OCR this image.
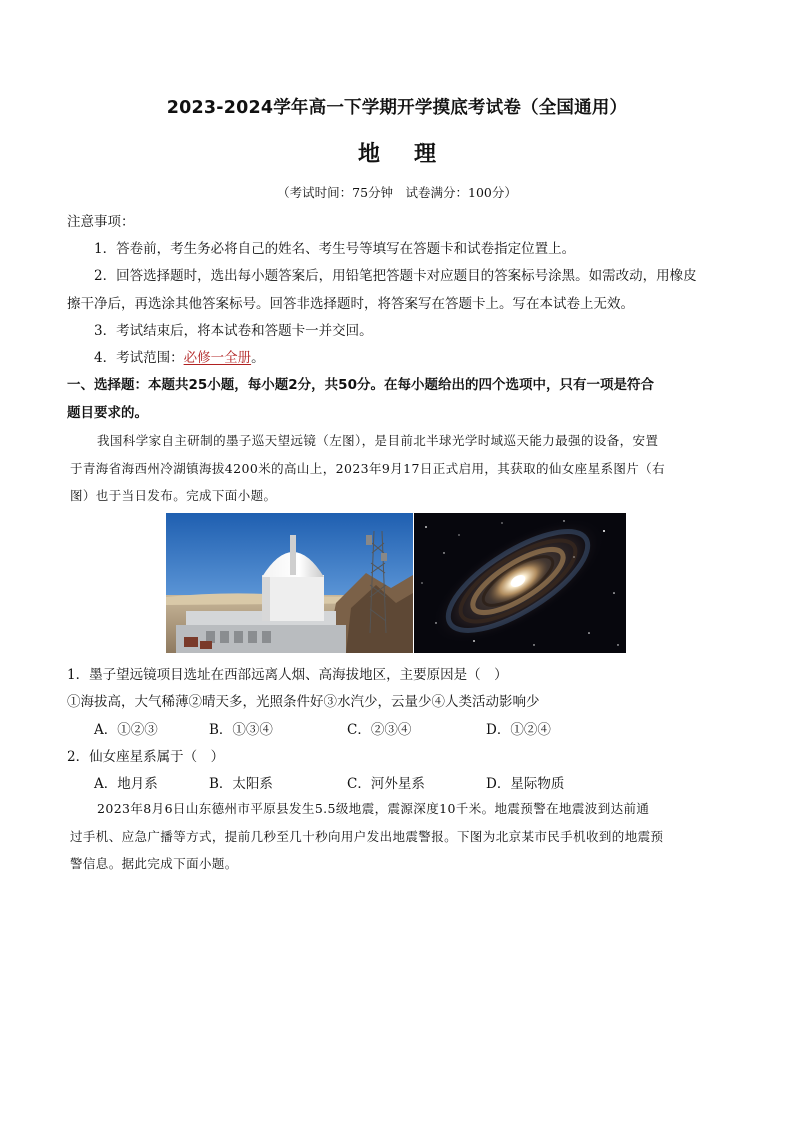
2023-2024学年高一下学期开学摸底考试卷（全国通用）
地 理
（考试时间：75分钟　试卷满分：100分）
注意事项：
1．答卷前，考生务必将自己的姓名、考生号等填写在答题卡和试卷指定位置上。
2．回答选择题时，选出每小题答案后，用铅笔把答题卡对应题目的答案标号涂黑。如需改动，用橡皮
擦干净后，再选涂其他答案标号。回答非选择题时，将答案写在答题卡上。写在本试卷上无效。
3．考试结束后，将本试卷和答题卡一并交回。
4．考试范围：必修一全册。
一、选择题：本题共25小题，每小题2分，共50分。在每小题给出的四个选项中，只有一项是符合
题目要求的。
我国科学家自主研制的墨子巡天望远镜（左图），是目前北半球光学时域巡天能力最强的设备，安置
于青海省海西州冷湖镇海拔4200米的高山上，2023年9月17日正式启用，其获取的仙女座星系图片（右
图）也于当日发布。完成下面小题。
1．墨子望远镜项目选址在西部远离人烟、高海拔地区，主要原因是（　）
①海拔高，大气稀薄②晴天多，光照条件好③水汽少，云量少④人类活动影响少
A．①②③	B．①③④	C．②③④	D．①②④
2．仙女座星系属于（　）
A．地月系	B．太阳系	C．河外星系	D．星际物质
2023年8月6日山东德州市平原县发生5.5级地震，震源深度10千米。地震预警在地震波到达前通
过手机、应急广播等方式，提前几秒至几十秒向用户发出地震警报。下图为北京某市民手机收到的地震预
警信息。据此完成下面小题。
